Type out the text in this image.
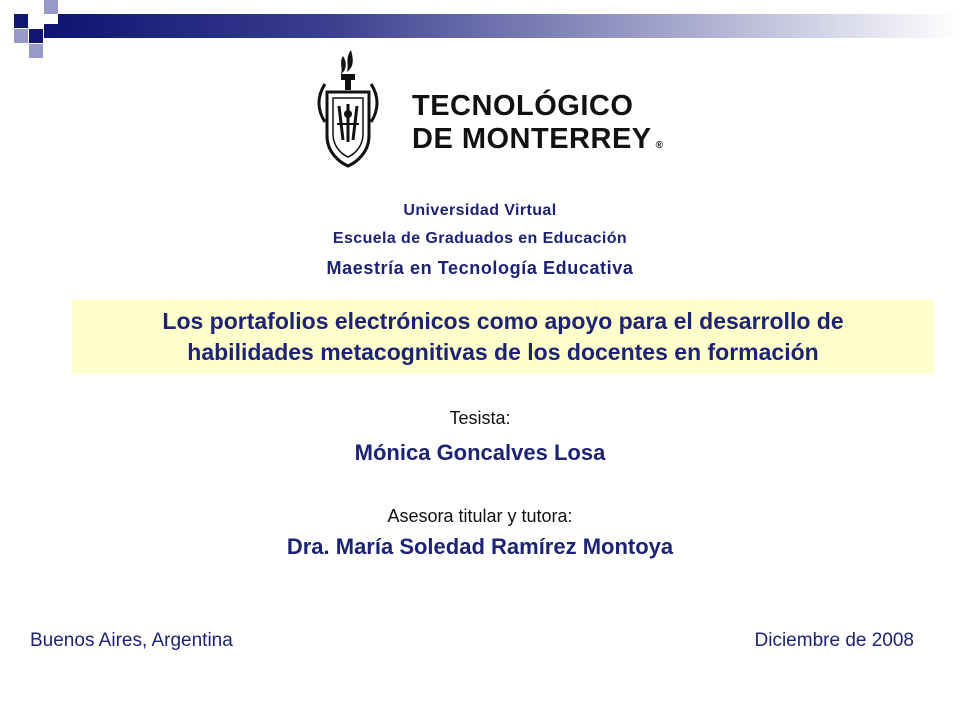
TECNOLÓGICO
DE MONTERREY ®
Universidad Virtual
Escuela de Graduados en Educación
Maestría en Tecnología Educativa
Los portafolios electrónicos como apoyo para el desarrollo de
habilidades metacognitivas de los docentes en formación
Tesista:
Mónica Goncalves Losa
Asesora titular y tutora:
Dra. María Soledad Ramírez Montoya
Buenos Aires, Argentina	Diciembre de 2008
